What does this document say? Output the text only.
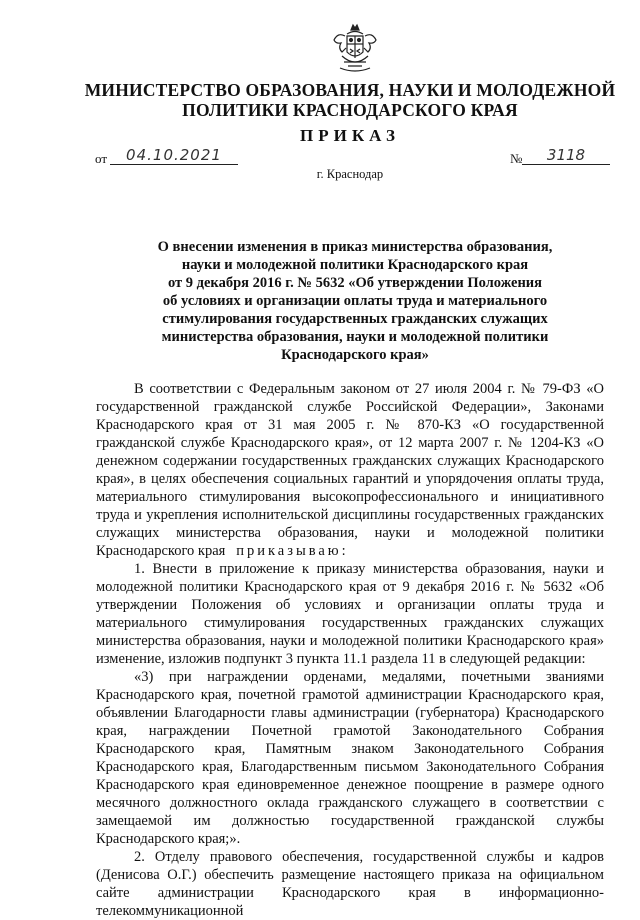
МИНИСТЕРСТВО ОБРАЗОВАНИЯ, НАУКИ И МОЛОДЕЖНОЙ
ПОЛИТИКИ КРАСНОДАРСКОГО КРАЯ
ПРИКАЗ
от	04.10.2021	№	3118
г. Краснодар
О внесении изменения в приказ министерства образования,
науки и молодежной политики Краснодарского края
от 9 декабря 2016 г. № 5632 «Об утверждении Положения
об условиях и организации оплаты труда и материального
стимулирования государственных гражданских служащих
министерства образования, науки и молодежной политики
Краснодарского края»

В соответствии с Федеральным законом от 27 июля 2004 г. № 79-ФЗ «О государственной гражданской службе Российской Федерации», Законами Краснодарского края от 31 мая 2005 г. № 870-КЗ «О государственной гражданской службе Краснодарского края», от 12 марта 2007 г. № 1204-КЗ «О денежном содержании государственных гражданских служащих Краснодарского края», в целях обеспечения социальных гарантий и упорядочения оплаты труда, материального стимулирования высокопрофессионального и инициативного труда и укрепления исполнительской дисциплины государственных гражданских служащих министерства образования, науки и молодежной политики Краснодарского края приказываю:

1. Внести в приложение к приказу министерства образования, науки и молодежной политики Краснодарского края от 9 декабря 2016 г. № 5632 «Об утверждении Положения об условиях и организации оплаты труда и материального стимулирования государственных гражданских служащих министерства образования, науки и молодежной политики Краснодарского края» изменение, изложив подпункт 3 пункта 11.1 раздела 11 в следующей редакции:

«3) при награждении орденами, медалями, почетными званиями Краснодарского края, почетной грамотой администрации Краснодарского края, объявлении Благодарности главы администрации (губернатора) Краснодарского края, награждении Почетной грамотой Законодательного Собрания Краснодарского края, Памятным знаком Законодательного Собрания Краснодарского края, Благодарственным письмом Законодательного Собрания Краснодарского края единовременное денежное поощрение в размере одного месячного должностного оклада гражданского служащего в соответствии с замещаемой им должностью государственной гражданской службы Краснодарского края;».

2. Отделу правового обеспечения, государственной службы и кадров (Денисова О.Г.) обеспечить размещение настоящего приказа на официальном сайте администрации Краснодарского края в информационно-телекоммуникационной
